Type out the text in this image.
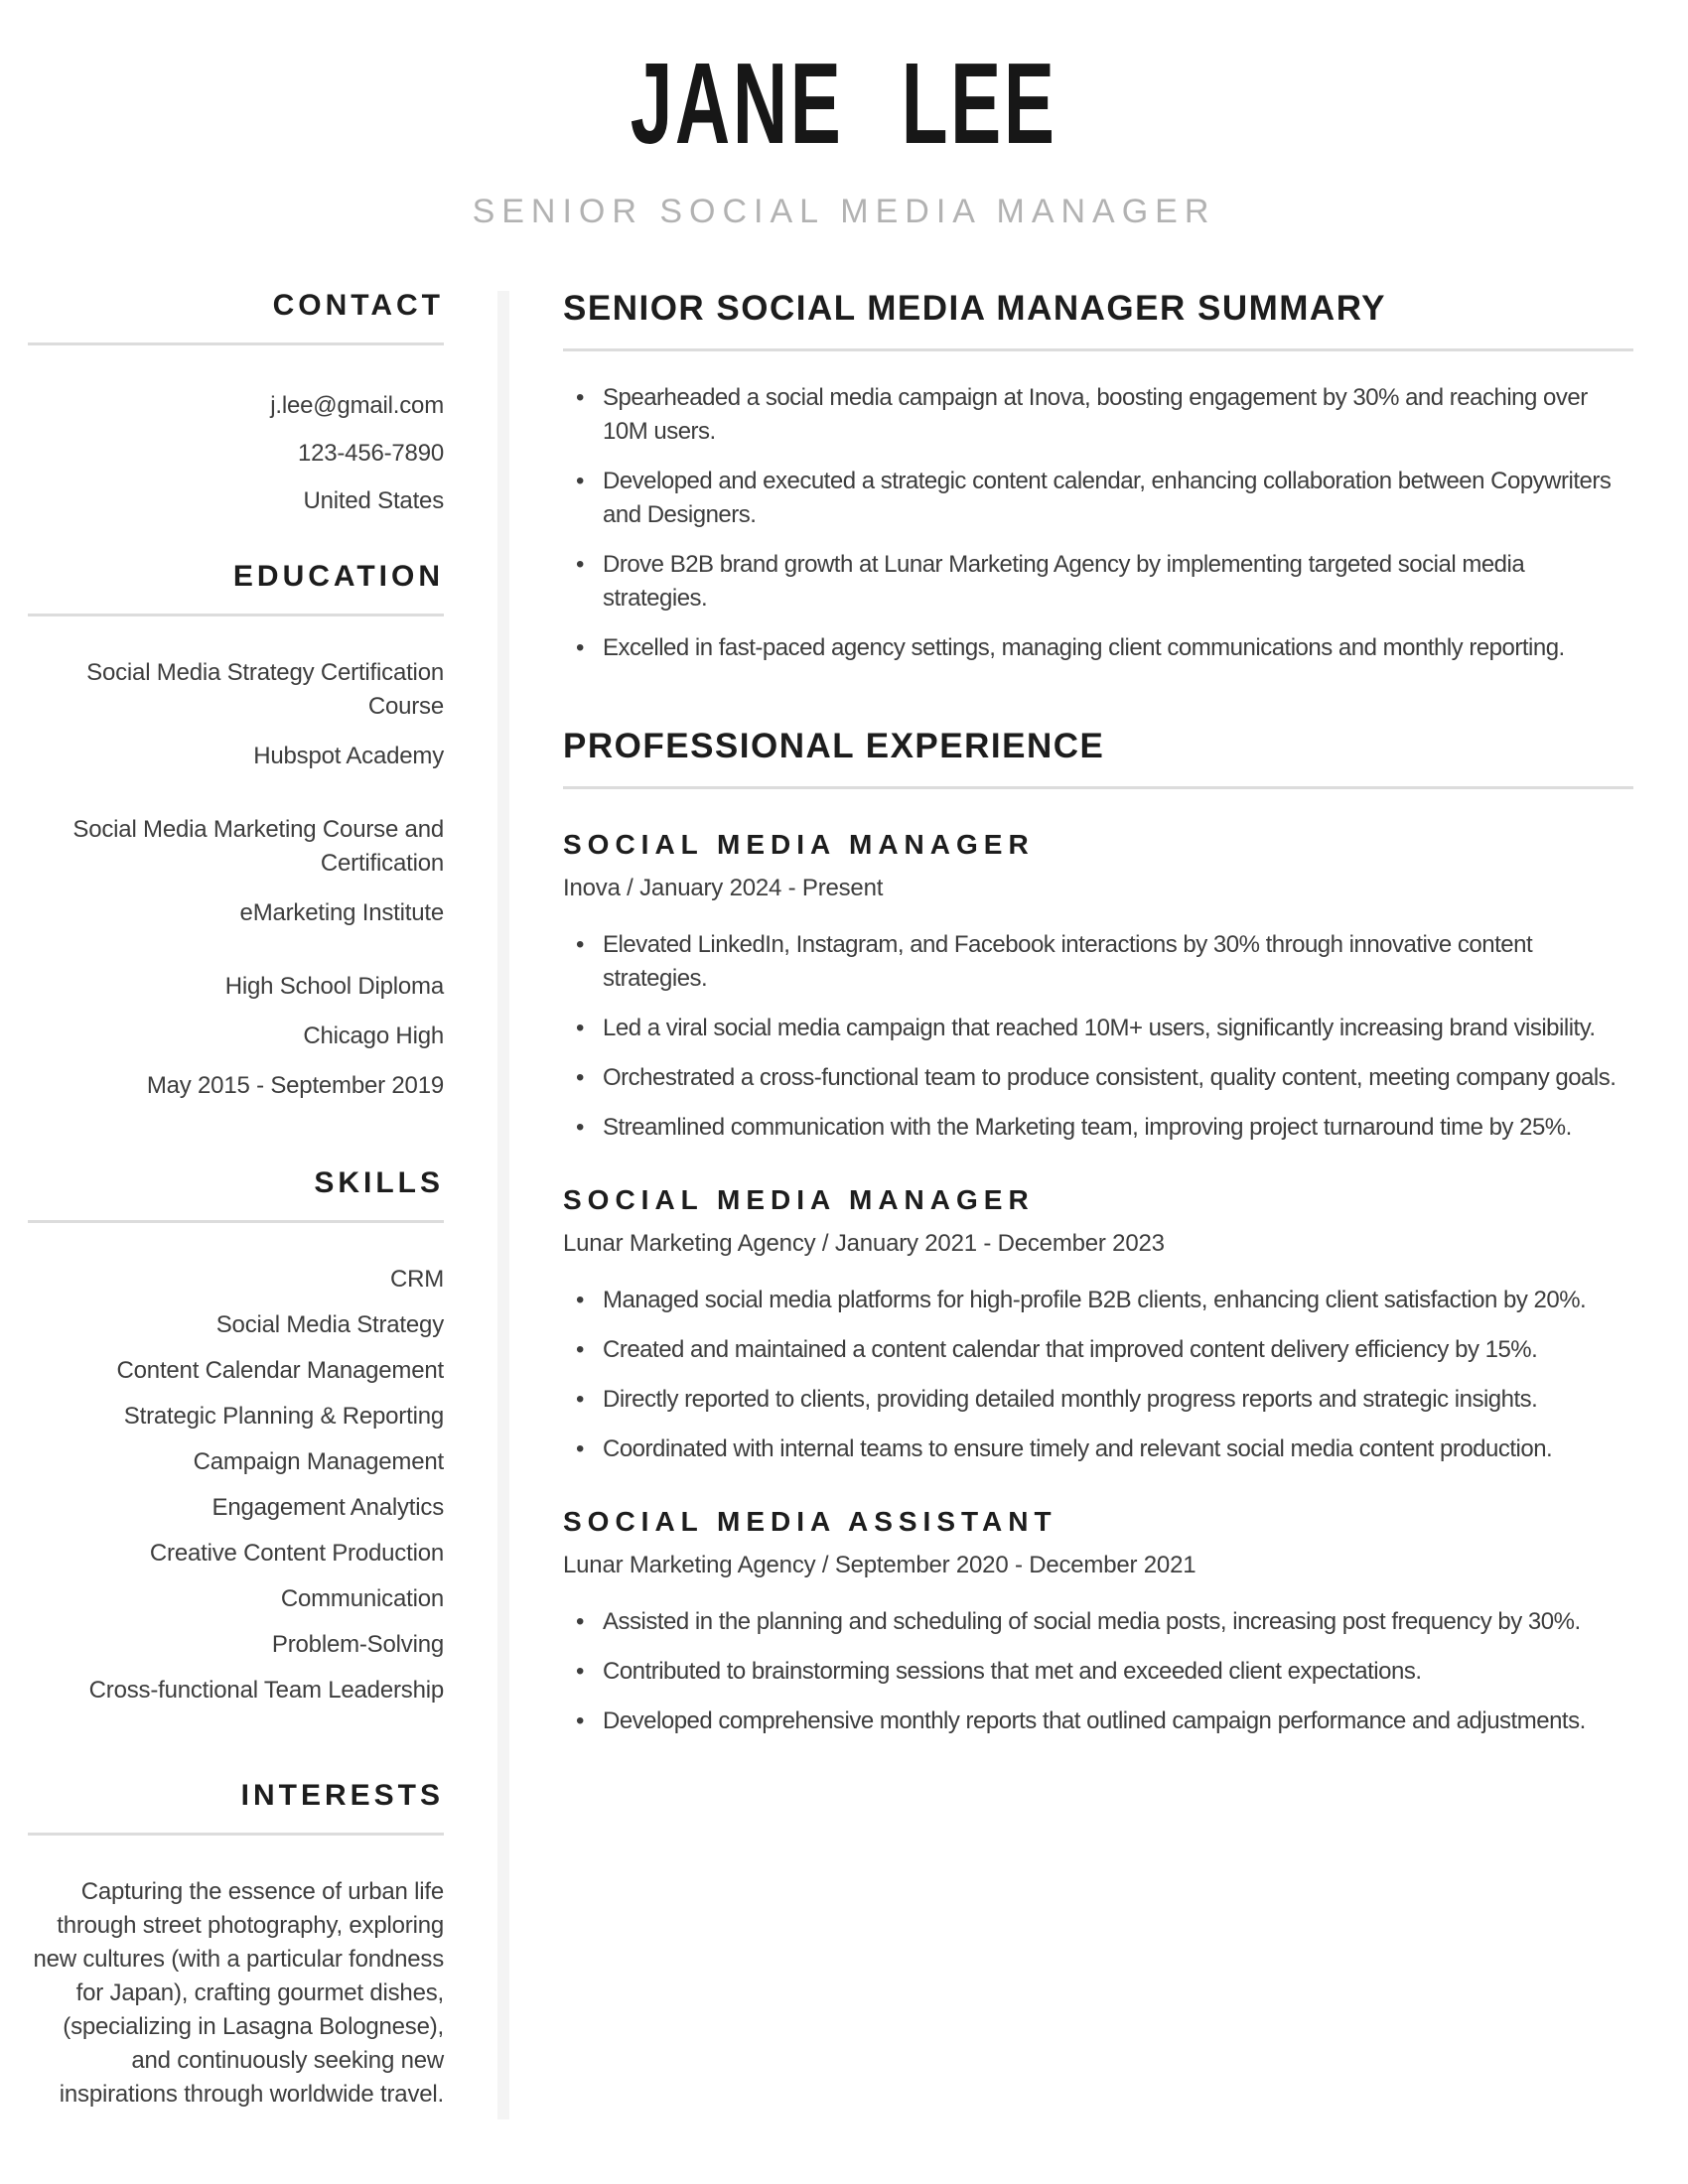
JANE LEE
SENIOR SOCIAL MEDIA MANAGER
CONTACT
j.lee@gmail.com
123-456-7890
United States
EDUCATION
Social Media Strategy Certification Course
Hubspot Academy
Social Media Marketing Course and Certification
eMarketing Institute
High School Diploma
Chicago High
May 2015 - September 2019
SKILLS
CRM
Social Media Strategy
Content Calendar Management
Strategic Planning & Reporting
Campaign Management
Engagement Analytics
Creative Content Production
Communication
Problem-Solving
Cross-functional Team Leadership
INTERESTS
Capturing the essence of urban life through street photography, exploring new cultures (with a particular fondness for Japan), crafting gourmet dishes, (specializing in Lasagna Bolognese), and continuously seeking new inspirations through worldwide travel.
SENIOR SOCIAL MEDIA MANAGER SUMMARY
• Spearheaded a social media campaign at Inova, boosting engagement by 30% and reaching over 10M users.
• Developed and executed a strategic content calendar, enhancing collaboration between Copywriters and Designers.
• Drove B2B brand growth at Lunar Marketing Agency by implementing targeted social media strategies.
• Excelled in fast-paced agency settings, managing client communications and monthly reporting.
PROFESSIONAL EXPERIENCE
SOCIAL MEDIA MANAGER
Inova / January 2024 - Present
• Elevated LinkedIn, Instagram, and Facebook interactions by 30% through innovative content strategies.
• Led a viral social media campaign that reached 10M+ users, significantly increasing brand visibility.
• Orchestrated a cross-functional team to produce consistent, quality content, meeting company goals.
• Streamlined communication with the Marketing team, improving project turnaround time by 25%.
SOCIAL MEDIA MANAGER
Lunar Marketing Agency / January 2021 - December 2023
• Managed social media platforms for high-profile B2B clients, enhancing client satisfaction by 20%.
• Created and maintained a content calendar that improved content delivery efficiency by 15%.
• Directly reported to clients, providing detailed monthly progress reports and strategic insights.
• Coordinated with internal teams to ensure timely and relevant social media content production.
SOCIAL MEDIA ASSISTANT
Lunar Marketing Agency / September 2020 - December 2021
• Assisted in the planning and scheduling of social media posts, increasing post frequency by 30%.
• Contributed to brainstorming sessions that met and exceeded client expectations.
• Developed comprehensive monthly reports that outlined campaign performance and adjustments.
